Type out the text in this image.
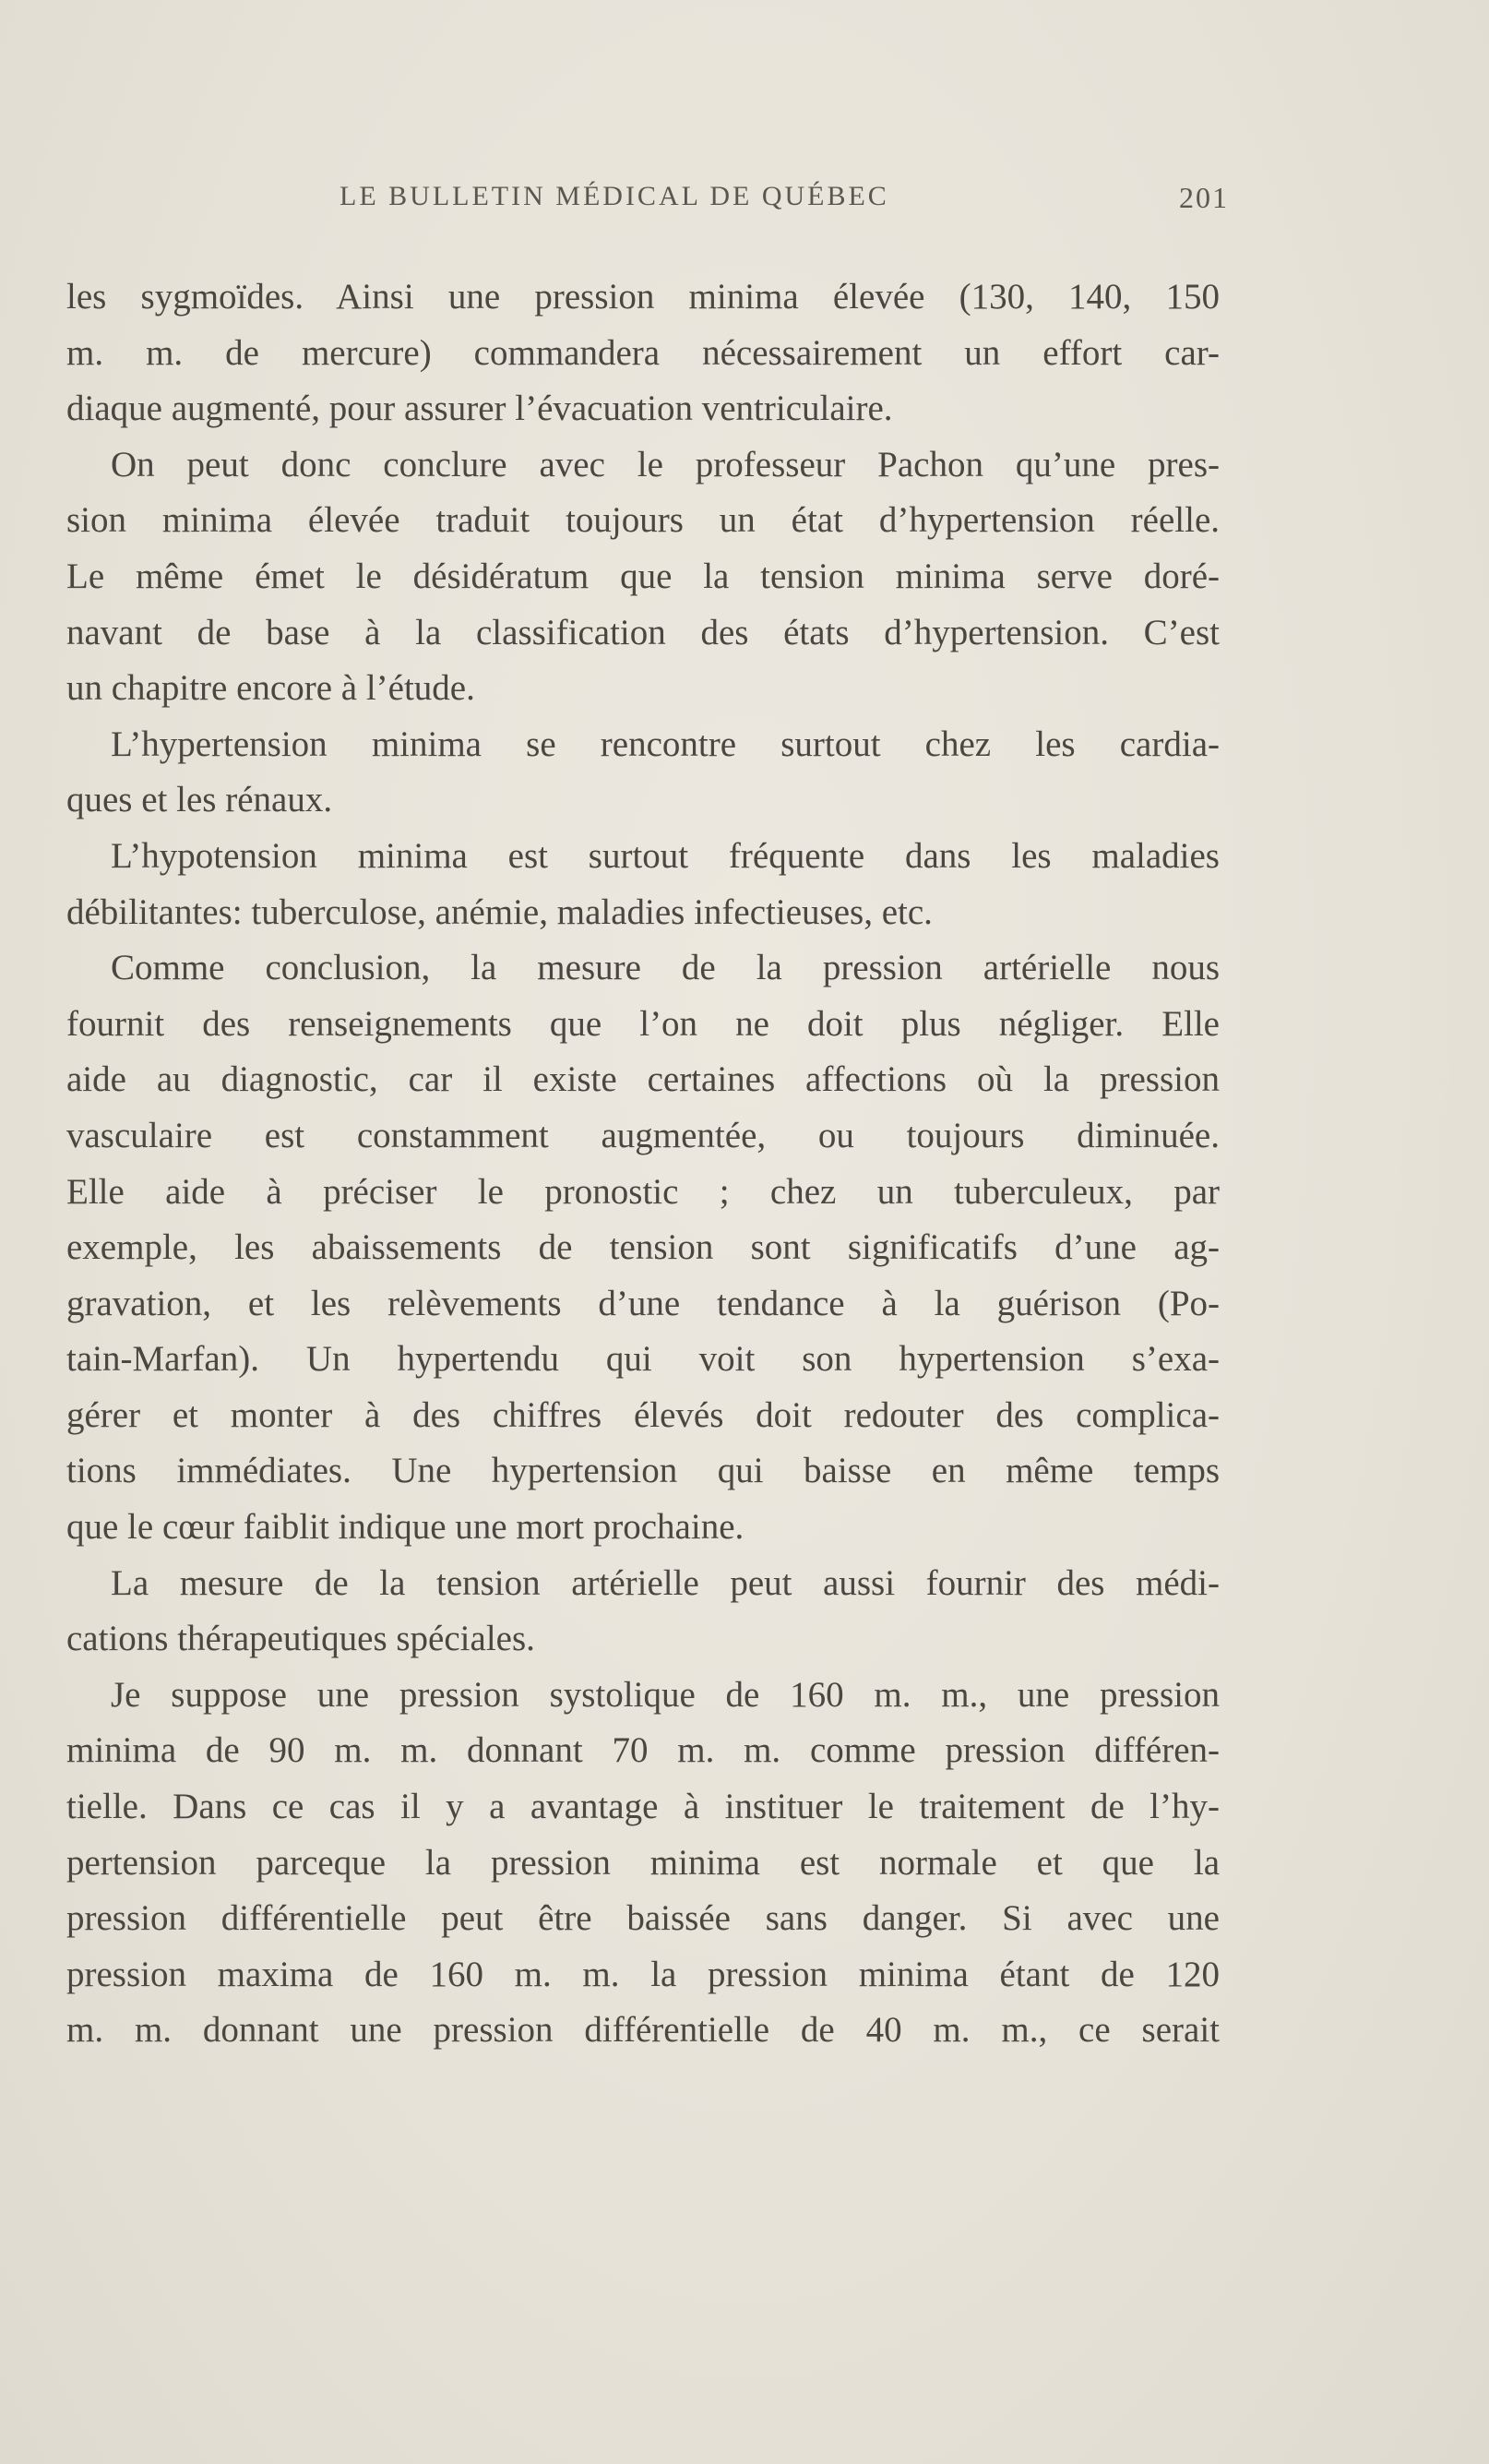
LE BULLETIN MÉDICAL DE QUÉBEC	201

les sygmoïdes. Ainsi une pression minima élevée (130, 140, 150

m. m. de mercure) commandera nécessairement un effort car-

diaque augmenté, pour assurer l’évacuation ventriculaire.

On peut donc conclure avec le professeur Pachon qu’une pres-

sion minima élevée traduit toujours un état d’hypertension réelle.

Le même émet le désidératum que la tension minima serve doré-

navant de base à la classification des états d’hypertension. C’est

un chapitre encore à l’étude.

L’hypertension minima se rencontre surtout chez les cardia-

ques et les rénaux.

L’hypotension minima est surtout fréquente dans les maladies

débilitantes: tuberculose, anémie, maladies infectieuses, etc.

Comme conclusion, la mesure de la pression artérielle nous

fournit des renseignements que l’on ne doit plus négliger. Elle

aide au diagnostic, car il existe certaines affections où la pression

vasculaire est constamment augmentée, ou toujours diminuée.

Elle aide à préciser le pronostic ; chez un tuberculeux, par

exemple, les abaissements de tension sont significatifs d’une ag-

gravation, et les relèvements d’une tendance à la guérison (Po-

tain-Marfan). Un hypertendu qui voit son hypertension s’exa-

gérer et monter à des chiffres élevés doit redouter des complica-

tions immédiates. Une hypertension qui baisse en même temps

que le cœur faiblit indique une mort prochaine.

La mesure de la tension artérielle peut aussi fournir des médi-

cations thérapeutiques spéciales.

Je suppose une pression systolique de 160 m. m., une pression

minima de 90 m. m. donnant 70 m. m. comme pression différen-

tielle. Dans ce cas il y a avantage à instituer le traitement de l’hy-

pertension parceque la pression minima est normale et que la

pression différentielle peut être baissée sans danger. Si avec une

pression maxima de 160 m. m. la pression minima étant de 120

m. m. donnant une pression différentielle de 40 m. m., ce serait
